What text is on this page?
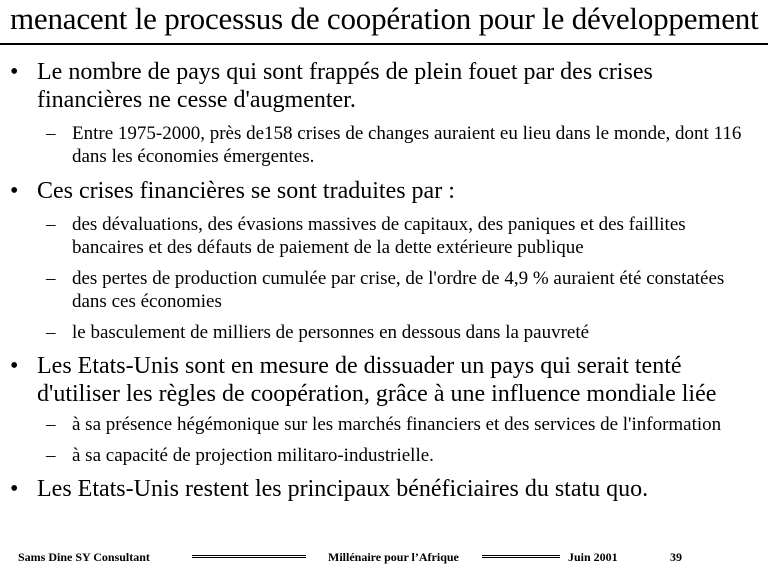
menacent le processus de coopération pour le développement
• Le nombre de pays qui sont frappés de plein fouet par des crises financières ne cesse d'augmenter.
– Entre 1975-2000, près de158 crises de changes auraient eu lieu dans le monde, dont 116 dans les économies émergentes.
• Ces crises financières se sont traduites par :
– des dévaluations, des évasions massives de capitaux, des paniques et des faillites bancaires et des défauts de paiement de la dette extérieure publique
– des pertes de production cumulée par crise, de l'ordre de 4,9 % auraient été constatées dans ces économies
– le basculement de milliers de personnes en dessous dans la pauvreté
• Les Etats-Unis sont en mesure de dissuader un pays qui serait tenté d'utiliser les règles de coopération, grâce à une influence mondiale liée
– à sa présence hégémonique sur les marchés financiers et des services de l'information
– à sa capacité de projection militaro-industrielle.
• Les Etats-Unis restent les principaux bénéficiaires du statu quo.
Sams Dine SY Consultant	Millénaire pour l’Afrique	Juin 2001	39
